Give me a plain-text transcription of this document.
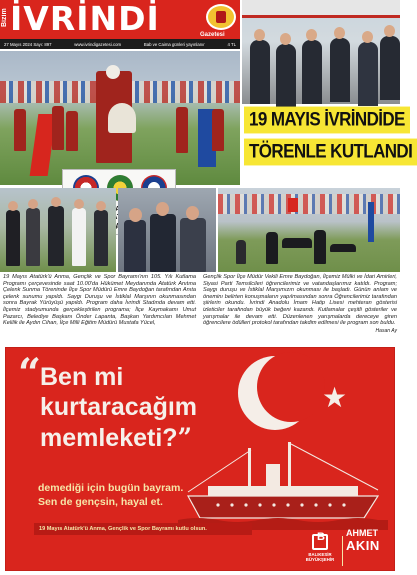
Bizim İVRİNDİ	Gazetesi
27 Mayıs 2024 Sayı: 897	www.ivrindigazetesi.com	Bab ve Caima günleri yayınlanır	4 TL
19 MAYIS İVRİNDİDE
TÖRENLE KUTLANDI

19 Mayıs Atatürk'ü Anma, Gençlik ve Spor Bayramı'nın 105. Yılı Kutlama Programı çerçevesinde saat 10.00'da Hükümet Meydanında Atatürk Anıtına Çelenk Sunma Töreninde İlçe Spor Müdürü Emre Baydoğan tarafından Anıta çelenk sunumu yapıldı. Saygı Duruşu ve İstiklal Marşının okunmasından sonra Bayrak Yürüyüşü yapıldı. Program daha İvrindi Stadında devam etti. İlçemiz stadyumunda gerçekleştirilen programa; İlçe Kaymakamı Umut Pazarcı, Belediye Başkanı Önder Lapanta, Başkan Yardımcıları Mehmet Kelilik ile Aydın Cihan, İlçe Milli Eğitim Müdürü Mustafa Yücel,

Gençlik Spor İlçe Müdür Vekili Emre Baydoğan, İlçemiz Mülki ve İdari Amirleri, Siyasi Parti Temsilcileri öğrencilerimiz ve vatandaşlarımız katıldı. Program; Saygı duruşu ve İstiklal Marşımızın okunması ile başladı. Günün anlam ve öneminı belirten konuşmaların yapılmasından sonra Öğrencilerimiz tarafından şiirlerin okundu. İvrindi Anadolu İmam Hatip Lisesi mehteran gösterisi izleticiler tarafından büyük beğeni kazandı. Kutlamalar çeşitli gösteriler ve yarışmalar ile devam etti. Düzenlenen yarışmalarda dereceye giren öğrencilere ödülleri protokol tarafından takdim edilmesi ile program son buldu.

Hasan Ay
★
“
Ben mi
kurtaracağım
memleketi?”
demediği için bugün bayram.
Sen de gençsin, hayal et.
19 Mayıs Atatürk'ü Anma, Gençlik ve Spor Bayramı kutlu olsun.
B
BALIKESİR
BÜYÜKŞEHİR
AHMET
AKIN
